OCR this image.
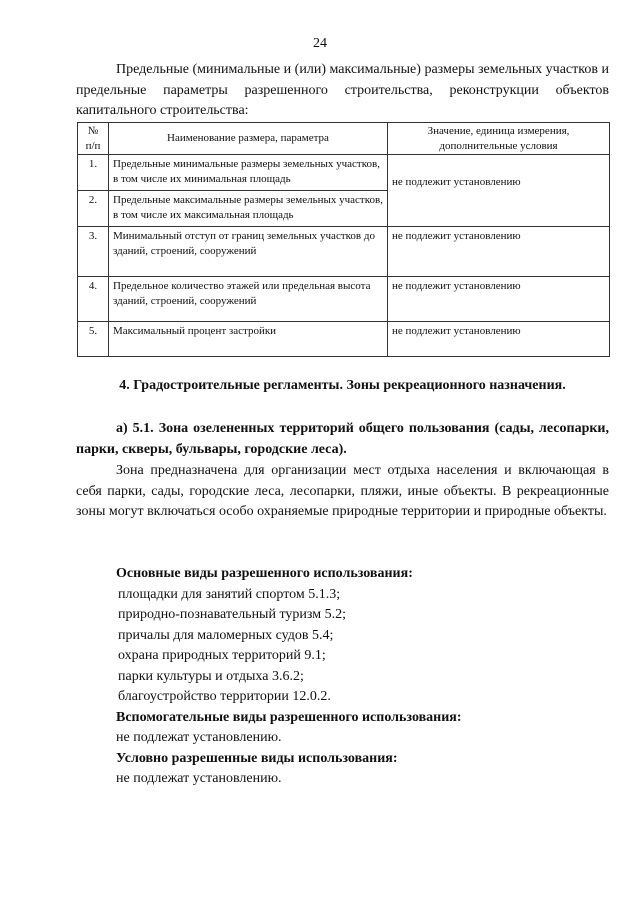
24
Предельные (минимальные и (или) максимальные) размеры земельных участков и предельные параметры разрешенного строительства, реконструкции объектов капитального строительства:
№ п/п	Наименование размера, параметра	Значение, единица измерения, дополнительные условия
1.	Предельные минимальные размеры земельных участков, в том числе их минимальная площадь	не подлежит установлению
2.	Предельные максимальные размеры земельных участков, в том числе их максимальная площадь	
3.	Минимальный отступ от границ земельных участков до зданий, строений, сооружений	не подлежит установлению
4.	Предельное количество этажей или предельная высота зданий, строений, сооружений	не подлежит установлению
5.	Максимальный процент застройки	не подлежит установлению
4. Градостроительные регламенты. Зоны рекреационного назначения.
а) 5.1. Зона озелененных территорий общего пользования (сады, лесопарки, парки, скверы, бульвары, городские леса).
Зона предназначена для организации мест отдыха населения и включающая в себя парки, сады, городские леса, лесопарки, пляжи, иные объекты. В рекреационные зоны могут включаться особо охраняемые природные территории и природные объекты.
Основные виды разрешенного использования:
площадки для занятий спортом 5.1.3;
природно-познавательный туризм 5.2;
причалы для маломерных судов 5.4;
охрана природных территорий 9.1;
парки культуры и отдыха 3.6.2;
благоустройство территории 12.0.2.
Вспомогательные виды разрешенного использования:
не подлежат установлению.
Условно разрешенные виды использования:
не подлежат установлению.
